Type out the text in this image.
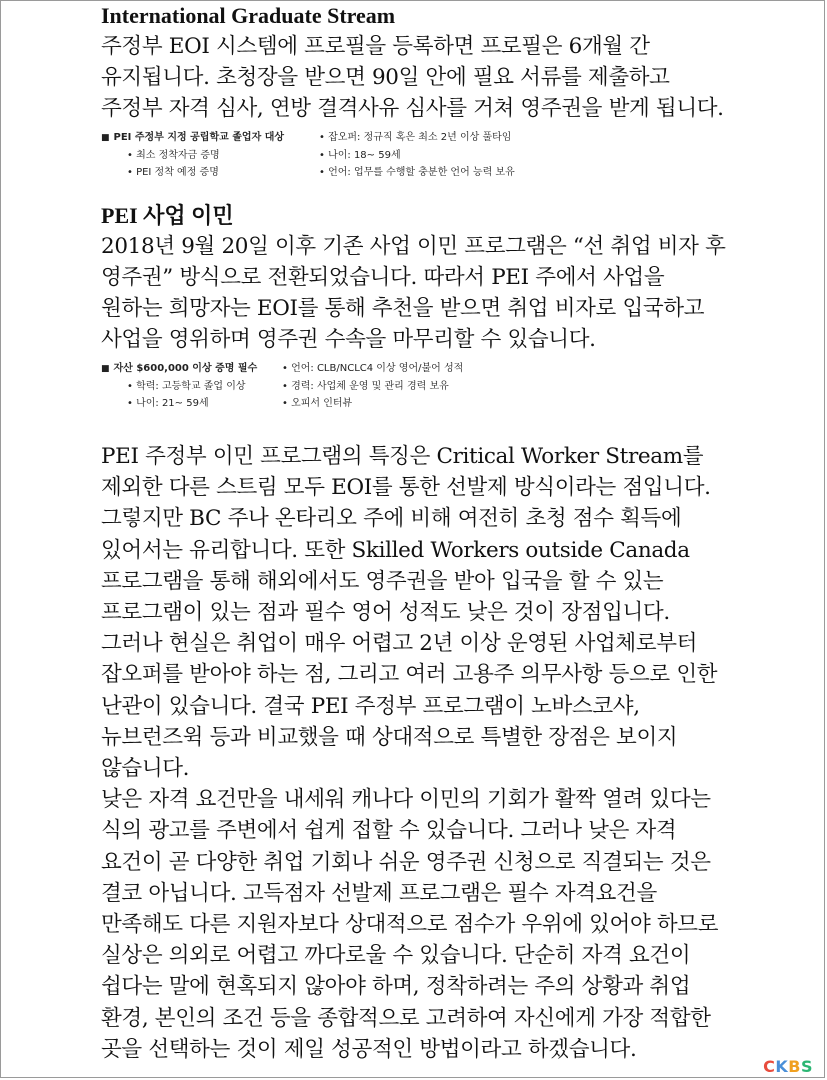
International Graduate Stream

주정부 EOI 시스템에 프로필을 등록하면 프로필은 6개월 간 유지됩니다. 초청장을 받으면 90일 안에 필요 서류를 제출하고 주정부 자격 심사, 연방 결격사유 심사를 거쳐 영주권을 받게 됩니다.

■ PEI 주정부 지정 공립학교 졸업자 대상	• 잡오퍼: 정규직 혹은 최소 2년 이상 풀타임
• 최소 정착자금 증명	• 나이: 18~ 59세
• PEI 정착 예정 증명	• 언어: 업무를 수행할 충분한 언어 능력 보유
PEI 사업 이민

2018년 9월 20일 이후 기존 사업 이민 프로그램은 “선 취업 비자 후 영주권” 방식으로 전환되었습니다. 따라서 PEI 주에서 사업을 원하는 희망자는 EOI를 통해 추천을 받으면 취업 비자로 입국하고 사업을 영위하며 영주권 수속을 마무리할 수 있습니다.

■ 자산 $600,000 이상 증명 필수	• 언어: CLB/NCLC4 이상 영어/불어 성적
• 학력: 고등학교 졸업 이상	• 경력: 사업체 운영 및 관리 경력 보유
• 나이: 21~ 59세	• 오피서 인터뷰

PEI 주정부 이민 프로그램의 특징은 Critical Worker Stream를 제외한 다른 스트림 모두 EOI를 통한 선발제 방식이라는 점입니다. 그렇지만 BC 주나 온타리오 주에 비해 여전히 초청 점수 획득에 있어서는 유리합니다. 또한 Skilled Workers outside Canada 프로그램을 통해 해외에서도 영주권을 받아 입국을 할 수 있는 프로그램이 있는 점과 필수 영어 성적도 낮은 것이 장점입니다. 그러나 현실은 취업이 매우 어렵고 2년 이상 운영된 사업체로부터 잡오퍼를 받아야 하는 점, 그리고 여러 고용주 의무사항 등으로 인한 난관이 있습니다. 결국 PEI 주정부 프로그램이 노바스코샤, 뉴브런즈윅 등과 비교했을 때 상대적으로 특별한 장점은 보이지 않습니다.

낮은 자격 요건만을 내세워 캐나다 이민의 기회가 활짝 열려 있다는 식의 광고를 주변에서 쉽게 접할 수 있습니다. 그러나 낮은 자격 요건이 곧 다양한 취업 기회나 쉬운 영주권 신청으로 직결되는 것은 결코 아닙니다. 고득점자 선발제 프로그램은 필수 자격요건을 만족해도 다른 지원자보다 상대적으로 점수가 우위에 있어야 하므로 실상은 의외로 어렵고 까다로울 수 있습니다. 단순히 자격 요건이 쉽다는 말에 현혹되지 않아야 하며, 정착하려는 주의 상황과 취업 환경, 본인의 조건 등을 종합적으로 고려하여 자신에게 가장 적합한 곳을 선택하는 것이 제일 성공적인 방법이라고 하겠습니다.

CKBS
